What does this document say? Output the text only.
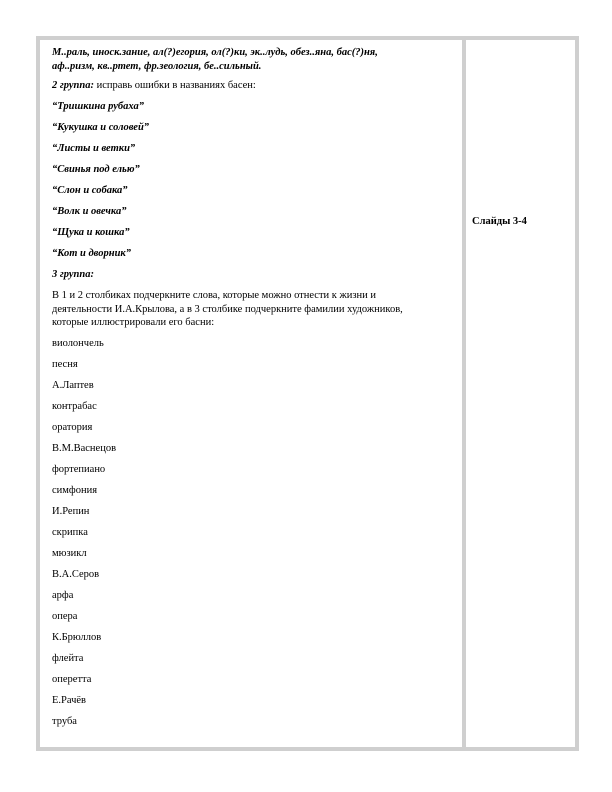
М..раль, иноск.зание, ал(?)егория, ол(?)ки, эк..лудь, обез..яна, бас(?)ня,
аф..ризм, кв..ртет, фр.зеология, бе..сильный.
2 группа: исправь ошибки в названиях басен:
“Тришкина рубаха”
“Кукушка и соловей”
“Листы и ветки”
“Свинья под елью”
“Слон и собака”
“Волк и овечка”
“Щука и кошка”
“Кот и дворник”
3 группа:
В 1 и 2 столбиках подчеркните слова, которые можно отнести к жизни и
деятельности И.А.Крылова, а в 3 столбике подчеркните фамилии художников,
которые иллюстрировали его басни:
виолончель
песня
А.Лаптев
контрабас
оратория
В.М.Васнецов
фортепиано
симфония
И.Репин
скрипка
мюзикл
В.А.Серов
арфа
опера
К.Брюллов
флейта
оперетта
Е.Рачёв
труба
Слайды 3-4
